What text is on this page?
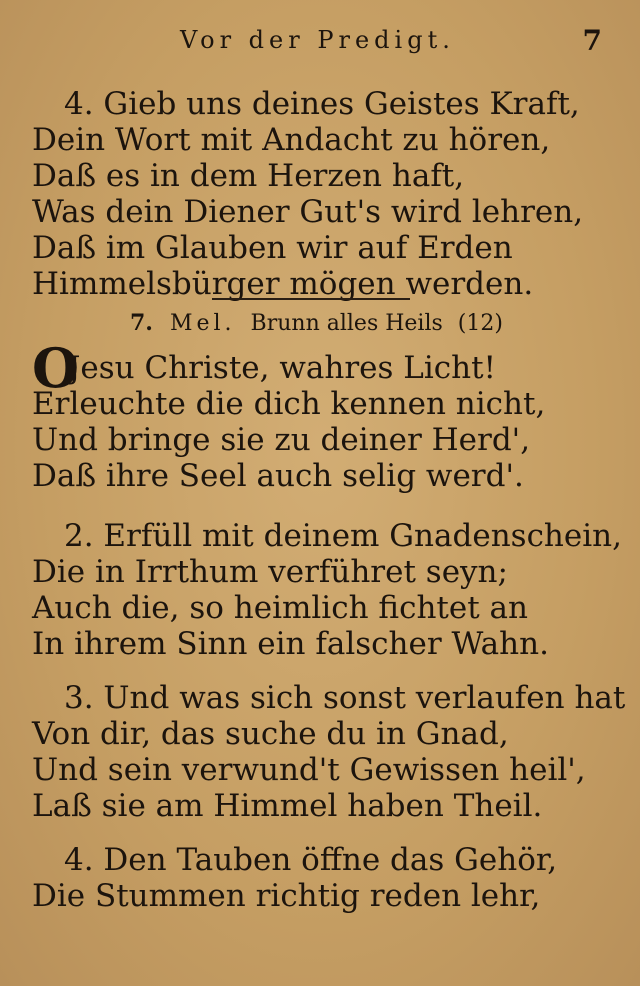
Vor der Predigt.	7
4. Gieb uns deines Geistes Kraft,
Dein Wort mit Andacht zu hören,
Daß es in dem Herzen haft,
Was dein Diener Gut's wird lehren,
Daß im Glauben wir auf Erden
Himmelsbürger mögen werden.
7. Mel. Brunn alles Heils (12)
OJesu Christe, wahres Licht!
Erleuchte die dich kennen nicht,
Und bringe sie zu deiner Herd',
Daß ihre Seel auch selig werd'.
2. Erfüll mit deinem Gnadenschein,
Die in Irrthum verführet seyn;
Auch die, so heimlich fichtet an
In ihrem Sinn ein falscher Wahn.
3. Und was sich sonst verlaufen hat
Von dir, das suche du in Gnad,
Und sein verwund't Gewissen heil',
Laß sie am Himmel haben Theil.
4. Den Tauben öffne das Gehör,
Die Stummen richtig reden lehr,
